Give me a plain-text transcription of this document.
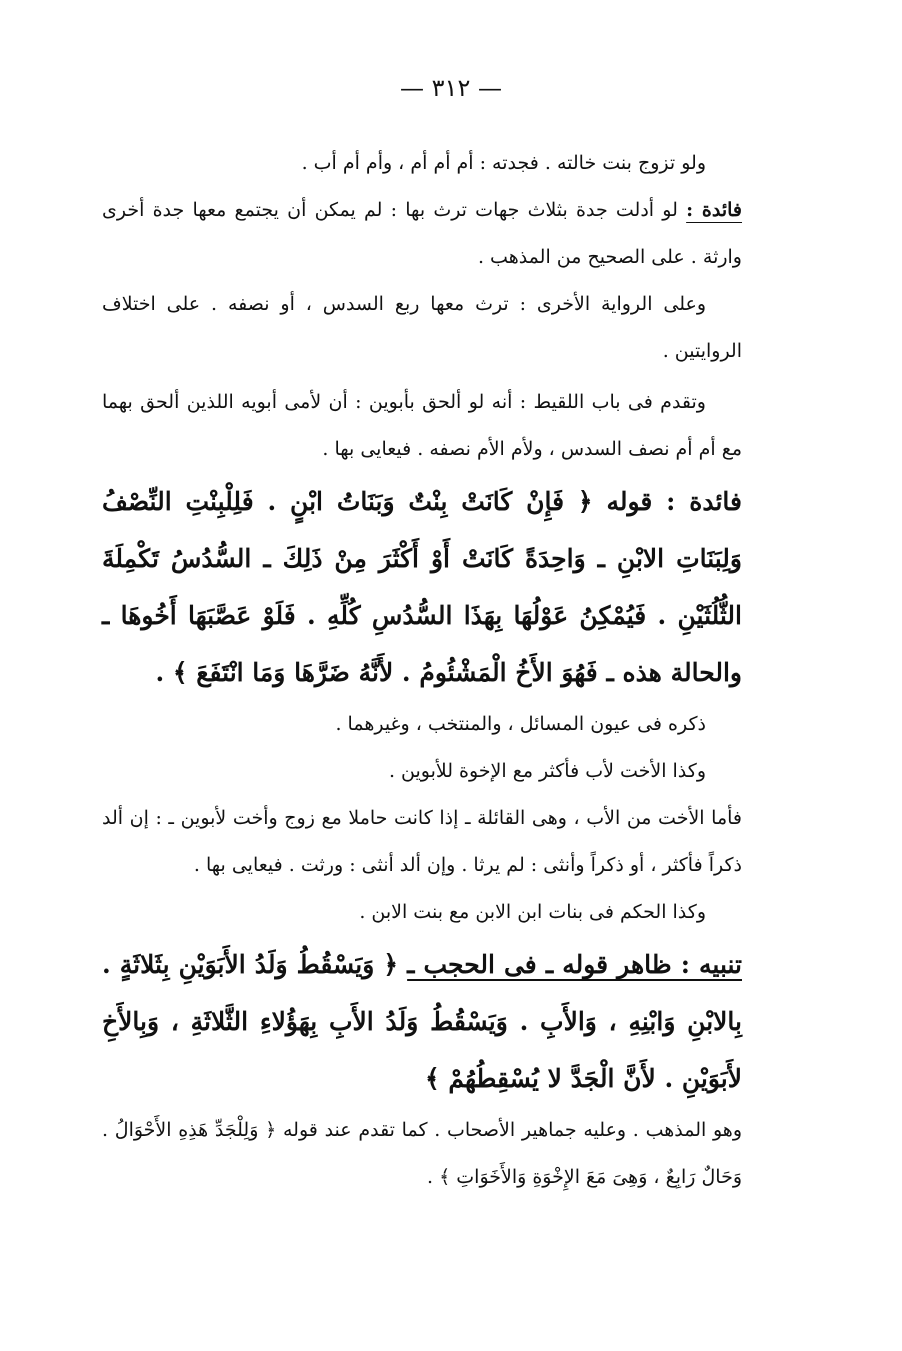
— ٣١٢ —

ولو تزوج بنت خالته . فجدته : أم أم أم ، وأم أم أب .

فائدة : لو أدلت جدة بثلاث جهات ترث بها : لم يمكن أن يجتمع معها جدة أخرى وارثة . على الصحيح من المذهب .

وعلى الرواية الأخرى : ترث معها ربع السدس ، أو نصفه . على اختلاف الروايتين .

وتقدم فى باب اللقيط : أنه لو ألحق بأبوين : أن لأمى أبويه اللذين ألحق بهما مع أم أم نصف السدس ، ولأم الأم نصفه . فيعايى بها .

فائدة : قوله ﴿ فَإِنْ كَانَتْ بِنْتٌ وَبَنَاتُ ابْنٍ . فَلِلْبِنْتِ النِّصْفُ وَلِبَنَاتِ الابْنِ ـ وَاحِدَةً كَانَتْ أَوْ أَكْثَرَ مِنْ ذَلِكَ ـ السُّدُسُ تَكْمِلَةَ الثُّلُثَيْنِ . فَيُمْكِنُ عَوْلُهَا بِهَذَا السُّدُسِ كُلِّهِ . فَلَوْ عَصَّبَهَا أَخُوهَا ـ والحالة هذه ـ فَهُوَ الأَخُ الْمَشْئُومُ . لأَنَّهُ ضَرَّهَا وَمَا انْتَفَعَ ﴾ .

ذكره فى عيون المسائل ، والمنتخب ، وغيرهما .

وكذا الأخت لأب فأكثر مع الإخوة للأبوين .

فأما الأخت من الأب ، وهى القائلة ـ إذا كانت حاملا مع زوج وأخت لأبوين ـ : إن ألد ذكراً فأكثر ، أو ذكراً وأنثى : لم يرثا . وإن ألد أنثى : ورثت . فيعايى بها .

وكذا الحكم فى بنات ابن الابن مع بنت الابن .

تنبيه : ظاهر قوله ـ فى الحجب ـ ﴿ وَيَسْقُطُ وَلَدُ الأَبَوَيْنِ بِثَلاثَةٍ . بِالابْنِ وَابْنِهِ ، وَالأَبِ . وَيَسْقُطُ وَلَدُ الأَبِ بِهَؤُلاءِ الثَّلاثَةِ ، وَبِالأَخِ لأَبَوَيْنِ . لأَنَّ الْجَدَّ لا يُسْقِطُهُمْ ﴾

وهو المذهب . وعليه جماهير الأصحاب . كما تقدم عند قوله ﴿ وَلِلْجَدِّ هَذِهِ الأَحْوَالُ . وَحَالٌ رَابِعٌ ، وَهِىَ مَعَ الإِخْوَةِ وَالأَخَوَاتِ ﴾ .
